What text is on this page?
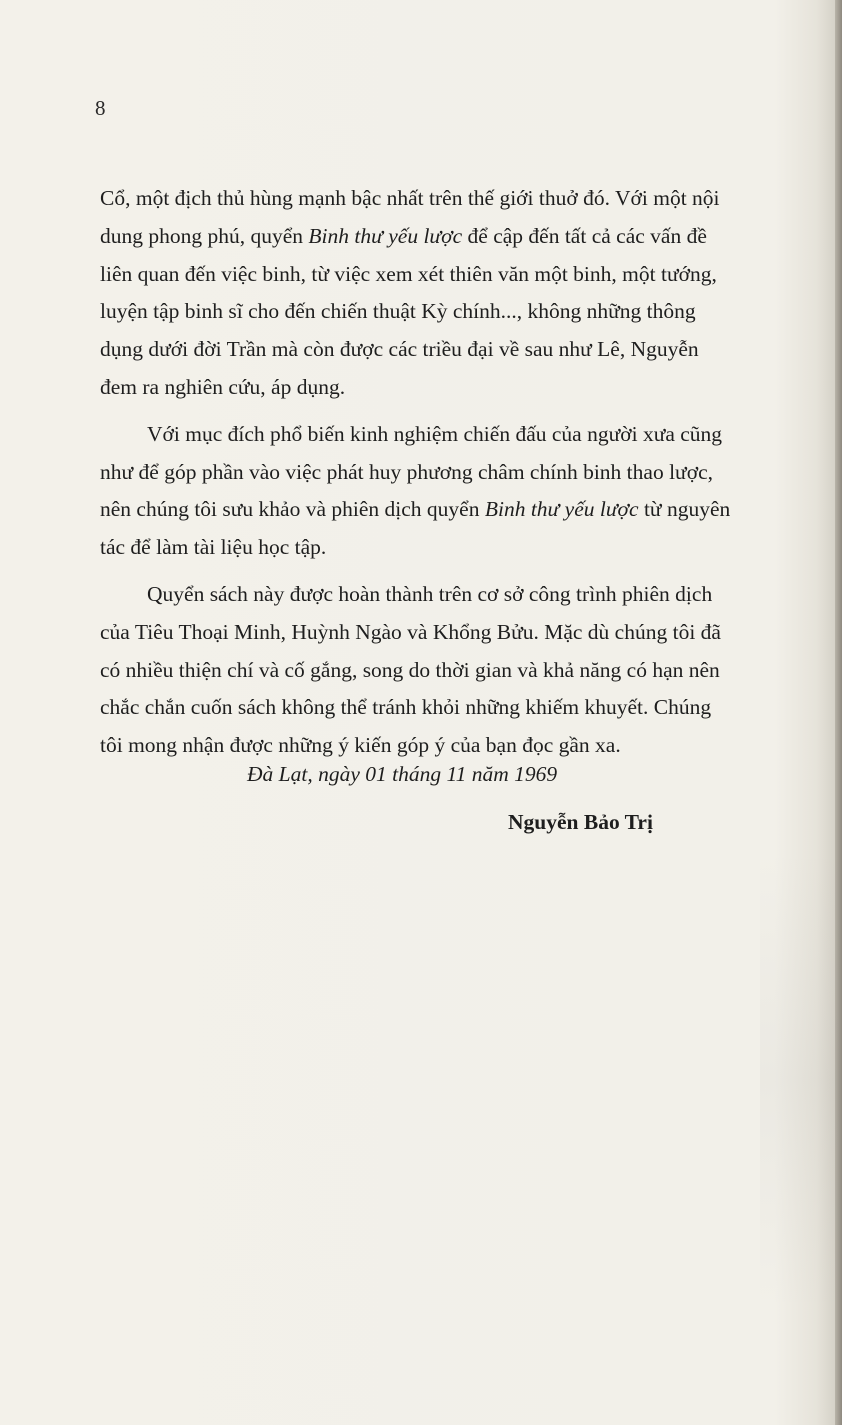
8

Cổ, một địch thủ hùng mạnh bậc nhất trên thế giới thuở đó. Với một nội
dung phong phú, quyển Binh thư yếu lược để cập đến tất cả các vấn đề
liên quan đến việc binh, từ việc xem xét thiên văn một binh, một tướng,
luyện tập binh sĩ cho đến chiến thuật Kỳ chính..., không những thông
dụng dưới đời Trần mà còn được các triều đại về sau như Lê, Nguyễn
đem ra nghiên cứu, áp dụng.

Với mục đích phổ biến kinh nghiệm chiến đấu của người xưa cũng
như để góp phần vào việc phát huy phương châm chính binh thao lược,
nên chúng tôi sưu khảo và phiên dịch quyển Binh thư yếu lược từ nguyên
tác để làm tài liệu học tập.

Quyển sách này được hoàn thành trên cơ sở công trình phiên dịch
của Tiêu Thoại Minh, Huỳnh Ngào và Khổng Bửu. Mặc dù chúng tôi đã
có nhiều thiện chí và cố gắng, song do thời gian và khả năng có hạn nên
chắc chắn cuốn sách không thể tránh khỏi những khiếm khuyết. Chúng
tôi mong nhận được những ý kiến góp ý của bạn đọc gần xa.

Đà Lạt, ngày 01 tháng 11 năm 1969
Nguyễn Bảo Trị
